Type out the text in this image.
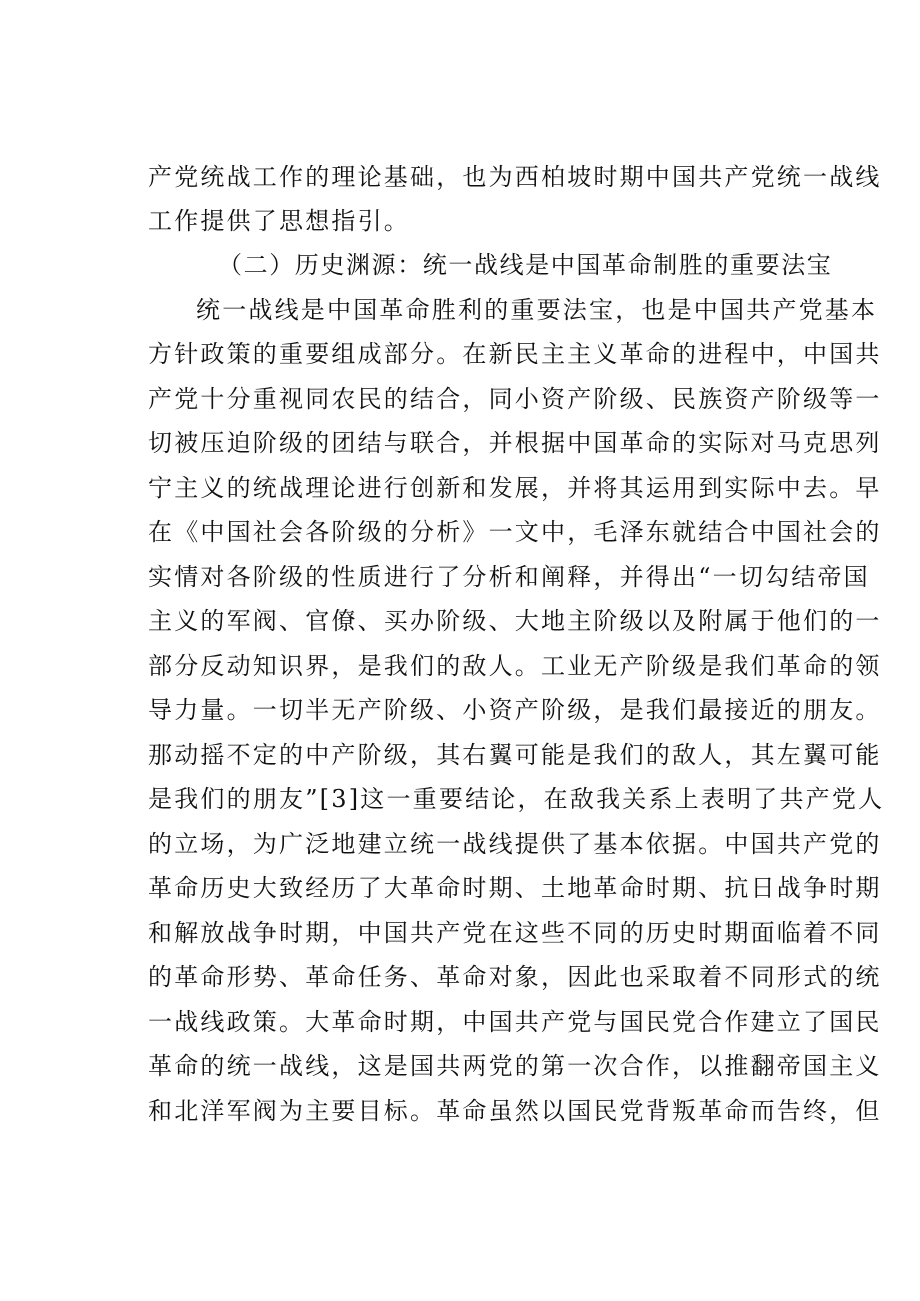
产党统战工作的理论基础，也为西柏坡时期中国共产党统一战线
工作提供了思想指引。
（二）历史渊源：统一战线是中国革命制胜的重要法宝
统一战线是中国革命胜利的重要法宝，也是中国共产党基本
方针政策的重要组成部分。在新民主主义革命的进程中，中国共
产党十分重视同农民的结合，同小资产阶级、民族资产阶级等一
切被压迫阶级的团结与联合，并根据中国革命的实际对马克思列
宁主义的统战理论进行创新和发展，并将其运用到实际中去。早
在《中国社会各阶级的分析》一文中，毛泽东就结合中国社会的
实情对各阶级的性质进行了分析和阐释，并得出“一切勾结帝国
主义的军阀、官僚、买办阶级、大地主阶级以及附属于他们的一
部分反动知识界，是我们的敌人。工业无产阶级是我们革命的领
导力量。一切半无产阶级、小资产阶级，是我们最接近的朋友。
那动摇不定的中产阶级，其右翼可能是我们的敌人，其左翼可能
是我们的朋友”[3]这一重要结论，在敌我关系上表明了共产党人
的立场，为广泛地建立统一战线提供了基本依据。中国共产党的
革命历史大致经历了大革命时期、土地革命时期、抗日战争时期
和解放战争时期，中国共产党在这些不同的历史时期面临着不同
的革命形势、革命任务、革命对象，因此也采取着不同形式的统
一战线政策。大革命时期，中国共产党与国民党合作建立了国民
革命的统一战线，这是国共两党的第一次合作，以推翻帝国主义
和北洋军阀为主要目标。革命虽然以国民党背叛革命而告终，但
